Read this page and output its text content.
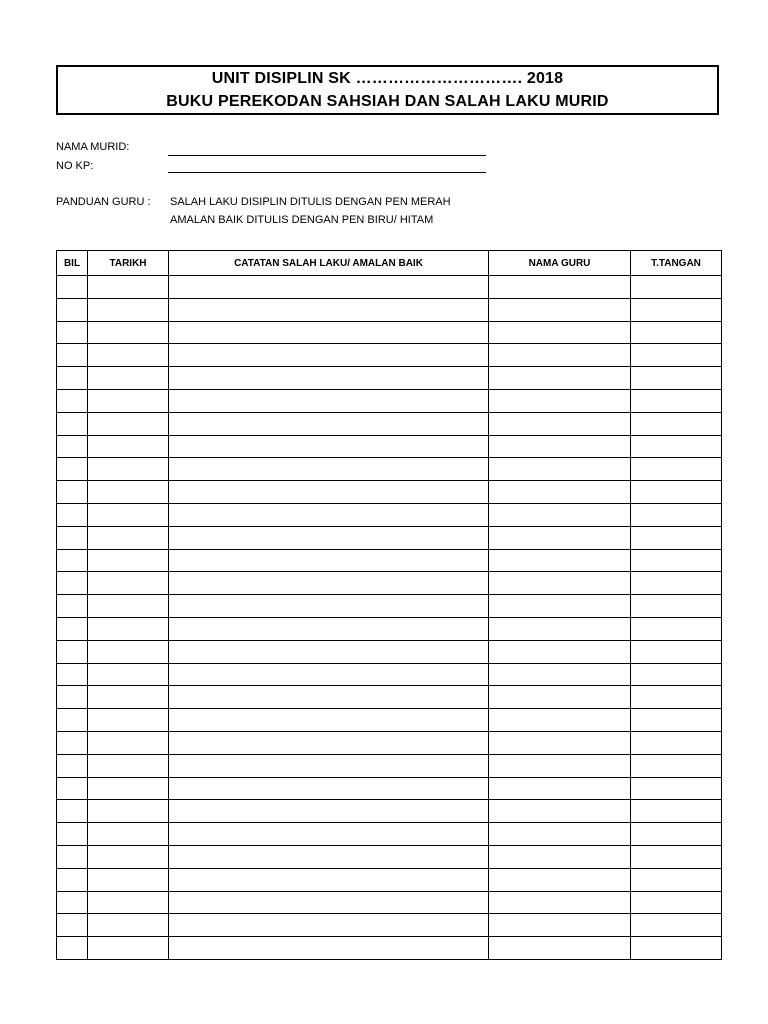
UNIT DISIPLIN SK …………………………. 2018
BUKU PEREKODAN SAHSIAH DAN SALAH LAKU MURID
NAMA MURID:
NO KP:
PANDUAN GURU : SALAH LAKU DISIPLIN DITULIS DENGAN PEN MERAH
AMALAN BAIK DITULIS DENGAN PEN BIRU/ HITAM
BIL	TARIKH	CATATAN SALAH LAKU/ AMALAN BAIK	NAMA GURU	T.TANGAN
